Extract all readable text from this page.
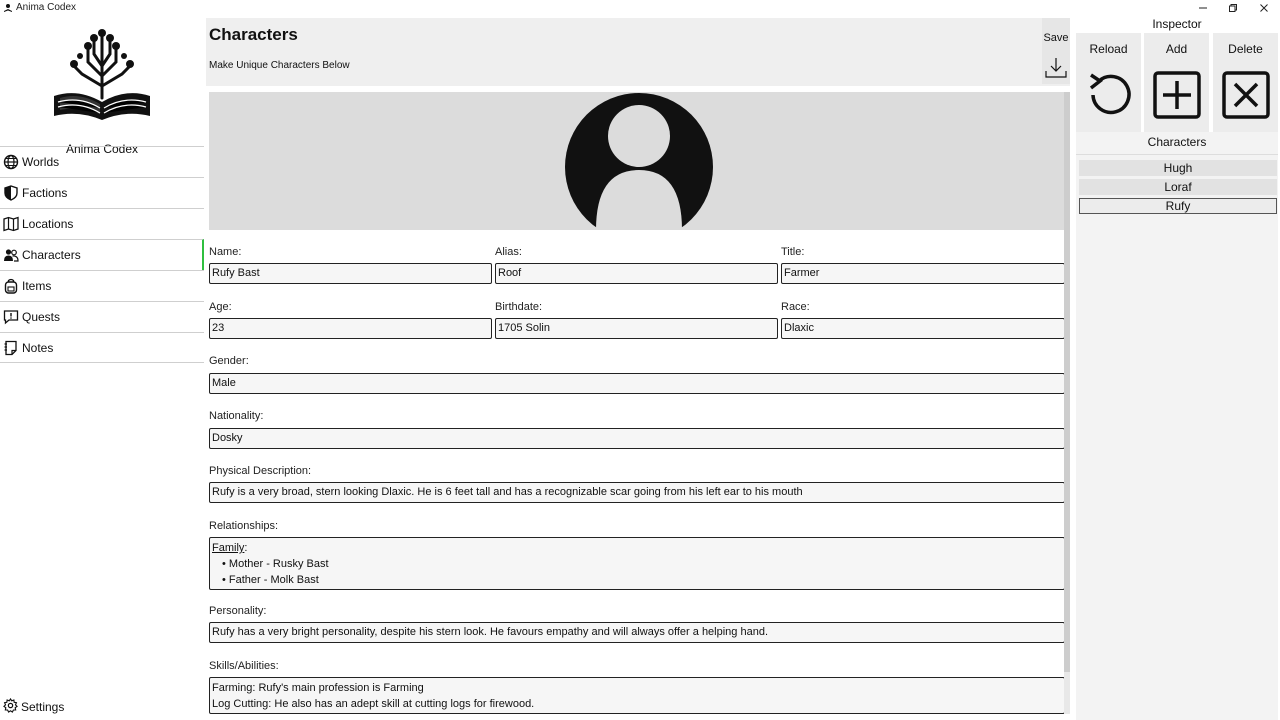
Anima Codex
Anima Codex
Worlds
Factions
Locations
Characters
Items
Quests
Notes
Settings
Characters
Make Unique Characters Below
Save
Name:
Rufy Bast
Alias:
Roof
Title:
Farmer
Age:
23
Birthdate:
1705 Solin
Race:
Dlaxic
Gender:
Male
Nationality:
Dosky
Physical Description:
Rufy is a very broad, stern looking Dlaxic. He is 6 feet tall and has a recognizable scar going from his left ear to his mouth
Relationships:
Family:
• Mother - Rusky Bast
• Father - Molk Bast
Personality:
Rufy has a very bright personality, despite his stern look. He favours empathy and will always offer a helping hand.
Skills/Abilities:
Farming: Rufy's main profession is Farming
Log Cutting: He also has an adept skill at cutting logs for firewood.
Inspector
Reload	Add	Delete
Characters
Hugh
Loraf
Rufy
